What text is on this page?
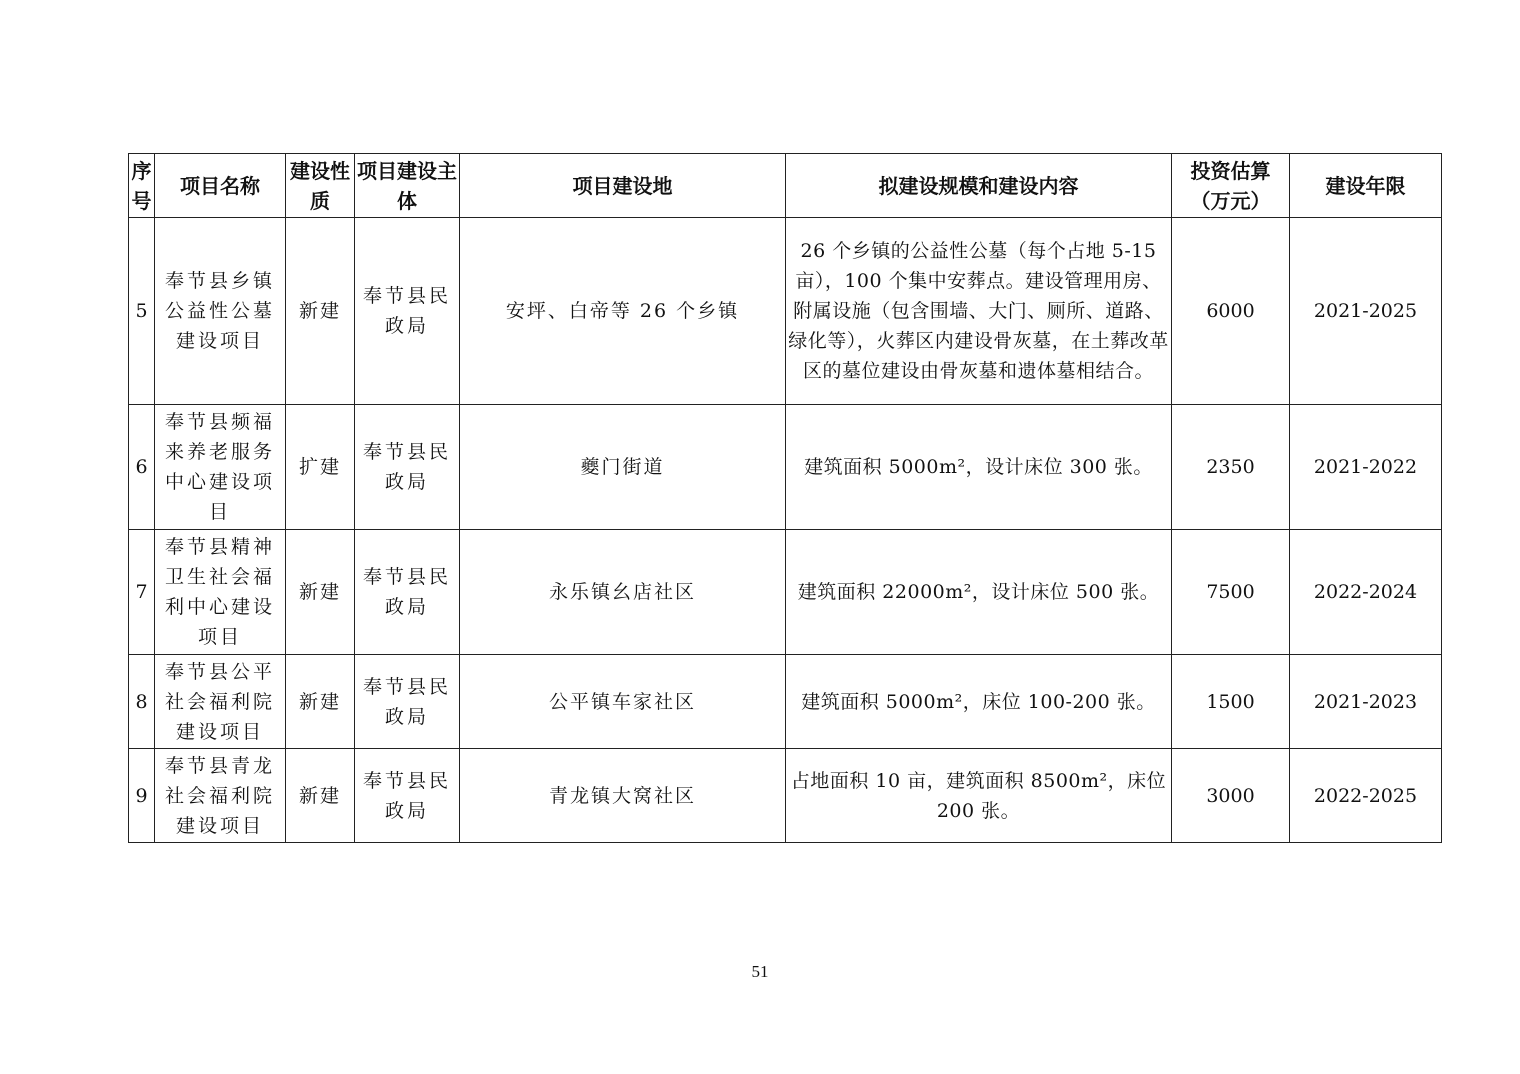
序号	项目名称	建设性质	项目建设主体	项目建设地	拟建设规模和建设内容	投资估算（万元）	建设年限
5	奉节县乡镇公益性公墓建设项目	新建	奉节县民政局	安坪、白帝等 26 个乡镇	26 个乡镇的公益性公墓（每个占地 5-15 亩），100 个集中安葬点。建设管理用房、附属设施（包含围墙、大门、厕所、道路、绿化等），火葬区内建设骨灰墓，在土葬改革区的墓位建设由骨灰墓和遗体墓相结合。	6000	2021-2025
6	奉节县频福来养老服务中心建设项目	扩建	奉节县民政局	夔门街道	建筑面积 5000m²，设计床位 300 张。	2350	2021-2022
7	奉节县精神卫生社会福利中心建设项目	新建	奉节县民政局	永乐镇幺店社区	建筑面积 22000m²，设计床位 500 张。	7500	2022-2024
8	奉节县公平社会福利院建设项目	新建	奉节县民政局	公平镇车家社区	建筑面积 5000m²，床位 100-200 张。	1500	2021-2023
9	奉节县青龙社会福利院建设项目	新建	奉节县民政局	青龙镇大窝社区	占地面积 10 亩，建筑面积 8500m²，床位 200 张。	3000	2022-2025
51
